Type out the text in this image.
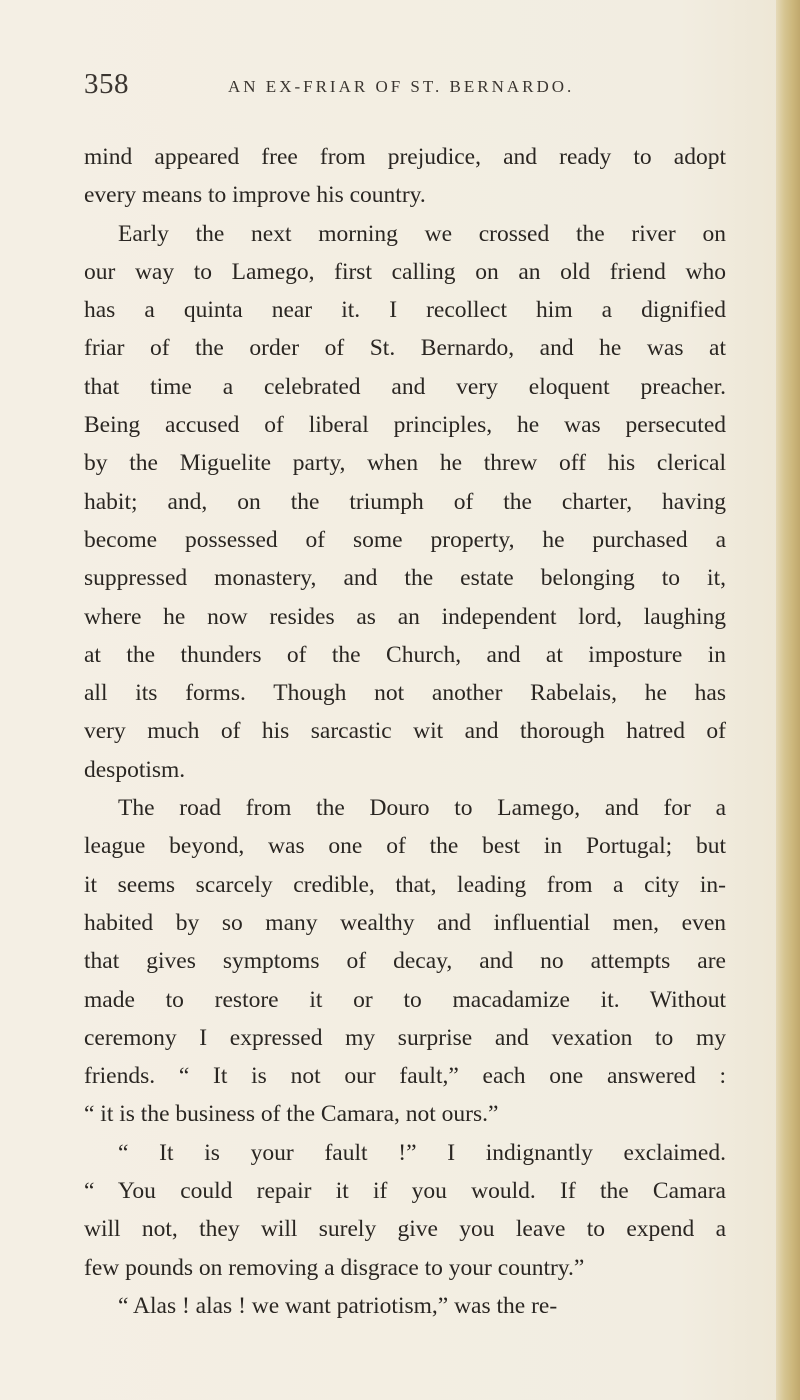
358	AN EX-FRIAR OF ST. BERNARDO.
mind appeared free from prejudice, and ready to adopt
every means to improve his country.
Early the next morning we crossed the river on
our way to Lamego, first calling on an old friend who
has a quinta near it. I recollect him a dignified
friar of the order of St. Bernardo, and he was at
that time a celebrated and very eloquent preacher.
Being accused of liberal principles, he was persecuted
by the Miguelite party, when he threw off his clerical
habit; and, on the triumph of the charter, having
become possessed of some property, he purchased a
suppressed monastery, and the estate belonging to it,
where he now resides as an independent lord, laughing
at the thunders of the Church, and at imposture in
all its forms. Though not another Rabelais, he has
very much of his sarcastic wit and thorough hatred of
despotism.
The road from the Douro to Lamego, and for a
league beyond, was one of the best in Portugal; but
it seems scarcely credible, that, leading from a city in-
habited by so many wealthy and influential men, even
that gives symptoms of decay, and no attempts are
made to restore it or to macadamize it. Without
ceremony I expressed my surprise and vexation to my
friends. “ It is not our fault,” each one answered :
“ it is the business of the Camara, not ours.”
“ It is your fault !” I indignantly exclaimed.
“ You could repair it if you would. If the Camara
will not, they will surely give you leave to expend a
few pounds on removing a disgrace to your country.”
“ Alas ! alas ! we want patriotism,” was the re-
